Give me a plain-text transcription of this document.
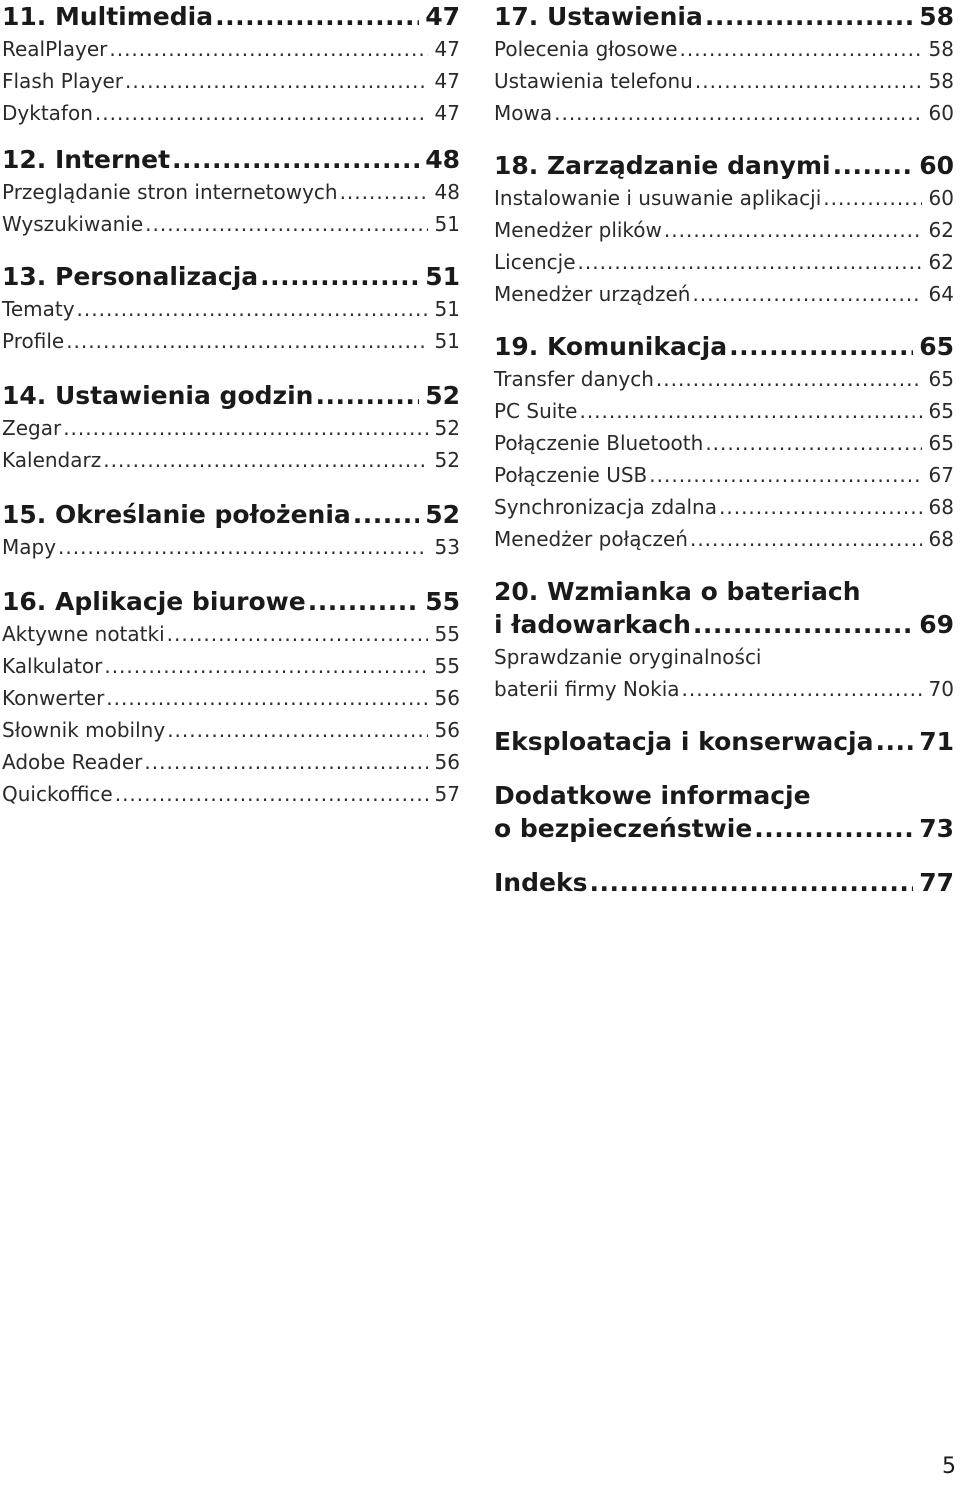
11. Multimedia .....	47
RealPlayer .....	47
Flash Player .....	47
Dyktafon .....	47
12. Internet .....	48
Przeglądanie stron internetowych .....	48
Wyszukiwanie .....	51
13. Personalizacja .....	51
Tematy .....	51
Profile .....	51
14. Ustawienia godzin .....	52
Zegar .....	52
Kalendarz .....	52
15. Określanie położenia .....	52
Mapy .....	53
16. Aplikacje biurowe .....	55
Aktywne notatki .....	55
Kalkulator .....	55
Konwerter .....	56
Słownik mobilny .....	56
Adobe Reader .....	56
Quickoffice .....	57
17. Ustawienia .....	58
Polecenia głosowe .....	58
Ustawienia telefonu .....	58
Mowa .....	60
18. Zarządzanie danymi .....	60
Instalowanie i usuwanie aplikacji .....	60
Menedżer plików .....	62
Licencje .....	62
Menedżer urządzeń .....	64
19. Komunikacja .....	65
Transfer danych .....	65
PC Suite .....	65
Połączenie Bluetooth .....	65
Połączenie USB .....	67
Synchronizacja zdalna .....	68
Menedżer połączeń .....	68
20. Wzmianka o bateriach
i ładowarkach .....	69
Sprawdzanie oryginalności
baterii firmy Nokia .....	70
Eksploatacja i konserwacja ..... 71
Dodatkowe informacje
o bezpieczeństwie .....	73
Indeks .....	77
5
